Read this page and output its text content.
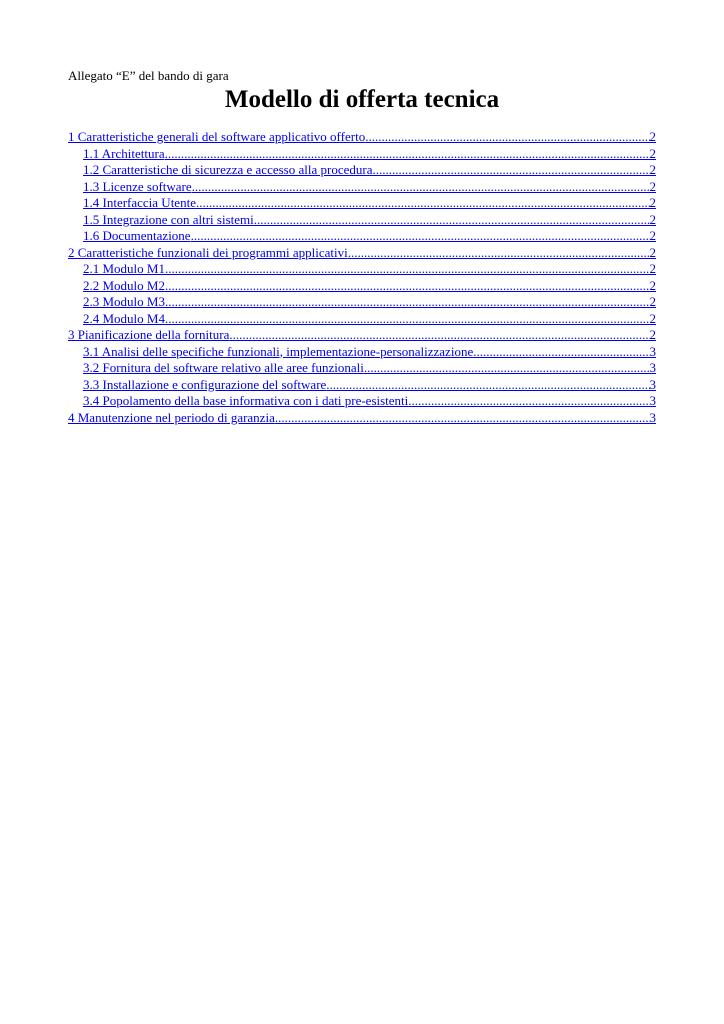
Allegato “E” del bando di gara

Modello di offerta tecnica
1 Caratteristiche generali del software applicativo offerto .....	2
1.1 Architettura .....	2
1.2 Caratteristiche di sicurezza e accesso alla procedura .....	2
1.3 Licenze software .....	2
1.4 Interfaccia Utente .....	2
1.5 Integrazione con altri sistemi .....	2
1.6 Documentazione .....	2
2 Caratteristiche funzionali dei programmi applicativi .....	2
2.1 Modulo M1 .....	2
2.2 Modulo M2 .....	2
2.3 Modulo M3 .....	2
2.4 Modulo M4 .....	2
3 Pianificazione della fornitura .....	2
3.1 Analisi delle specifiche funzionali, implementazione-personalizzazione .....	3
3.2 Fornitura del software relativo alle aree funzionali .....	3
3.3 Installazione e configurazione del software .....	3
3.4 Popolamento della base informativa con i dati pre-esistenti .....	3
4 Manutenzione nel periodo di garanzia .....	3
